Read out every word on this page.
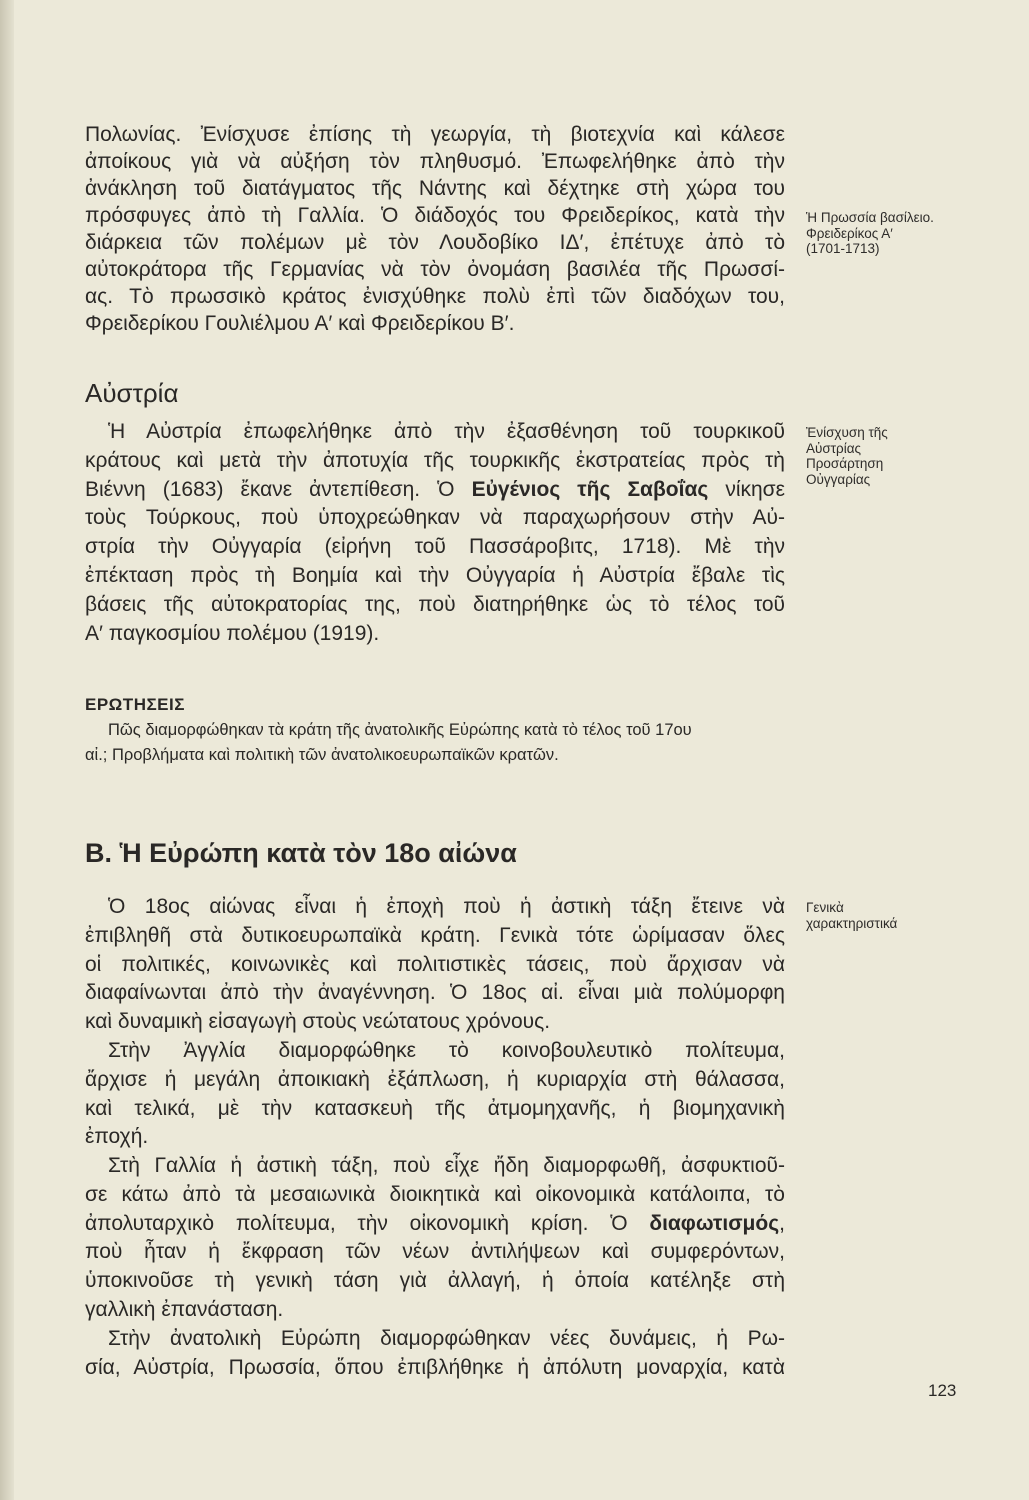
Πολωνίας. Ἐνίσχυσε ἐπίσης τὴ γεωργία, τὴ βιοτεχνία καὶ κάλεσε
ἀποίκους γιὰ νὰ αὐξήση τὸν πληθυσμό. Ἐπωφελήθηκε ἀπὸ τὴν
ἀνάκληση τοῦ διατάγματος τῆς Νάντης καὶ δέχτηκε στὴ χώρα του
πρόσφυγες ἀπὸ τὴ Γαλλία. Ὁ διάδοχός του Φρειδερίκος, κατὰ τὴν
διάρκεια τῶν πολέμων μὲ τὸν Λουδοβίκο ΙΔ′, ἐπέτυχε ἀπὸ τὸ
αὐτοκράτορα τῆς Γερμανίας νὰ τὸν ὀνομάση βασιλέα τῆς Πρωσσί-
ας. Τὸ πρωσσικὸ κράτος ἐνισχύθηκε πολὺ ἐπὶ τῶν διαδόχων του,
Φρειδερίκου Γουλιέλμου Α′ καὶ Φρειδερίκου Β′.
Αὐστρία
Ἡ Αὐστρία ἐπωφελήθηκε ἀπὸ τὴν ἐξασθένηση τοῦ τουρκικοῦ
κράτους καὶ μετὰ τὴν ἀποτυχία τῆς τουρκικῆς ἐκστρατείας πρὸς τὴ
Βιέννη (1683) ἔκανε ἀντεπίθεση. Ὁ Εὐγένιος τῆς Σαβοΐας νίκησε
τοὺς Τούρκους, ποὺ ὑποχρεώθηκαν νὰ παραχωρήσουν στὴν Αὐ-
στρία τὴν Οὐγγαρία (εἰρήνη τοῦ Πασσάροβιτς, 1718). Μὲ τὴν
ἐπέκταση πρὸς τὴ Βοημία καὶ τὴν Οὐγγαρία ἡ Αὐστρία ἔβαλε τὶς
βάσεις τῆς αὐτοκρατορίας της, ποὺ διατηρήθηκε ὡς τὸ τέλος τοῦ
Α′ παγκοσμίου πολέμου (1919).
ΕΡΩΤΗΣΕΙΣ
Πῶς διαμορφώθηκαν τὰ κράτη τῆς ἀνατολικῆς Εὐρώπης κατὰ τὸ τέλος τοῦ 17ου
αἰ.; Προβλήματα καὶ πολιτικὴ τῶν ἀνατολικοευρωπαϊκῶν κρατῶν.
Β. Ἡ Εὐρώπη κατὰ τὸν 18ο αἰώνα
Ὁ 18ος αἰώνας εἶναι ἡ ἐποχὴ ποὺ ἡ ἀστικὴ τάξη ἔτεινε νὰ
ἐπιβληθῆ στὰ δυτικοευρωπαϊκὰ κράτη. Γενικὰ τότε ὡρίμασαν ὅλες
οἱ πολιτικές, κοινωνικὲς καὶ πολιτιστικὲς τάσεις, ποὺ ἄρχισαν νὰ
διαφαίνωνται ἀπὸ τὴν ἀναγέννηση. Ὁ 18ος αἰ. εἶναι μιὰ πολύμορφη
καὶ δυναμικὴ εἰσαγωγὴ στοὺς νεώτατους χρόνους.
Στὴν Ἀγγλία διαμορφώθηκε τὸ κοινοβουλευτικὸ πολίτευμα,
ἄρχισε ἡ μεγάλη ἀποικιακὴ ἐξάπλωση, ἡ κυριαρχία στὴ θάλασσα,
καὶ τελικά, μὲ τὴν κατασκευὴ τῆς ἀτμομηχανῆς, ἡ βιομηχανικὴ
ἐποχή.
Στὴ Γαλλία ἡ ἀστικὴ τάξη, ποὺ εἶχε ἤδη διαμορφωθῆ, ἀσφυκτιοῦ-
σε κάτω ἀπὸ τὰ μεσαιωνικὰ διοικητικὰ καὶ οἰκονομικὰ κατάλοιπα, τὸ
ἀπολυταρχικὸ πολίτευμα, τὴν οἰκονομικὴ κρίση. Ὁ διαφωτισμός,
ποὺ ἦταν ἡ ἔκφραση τῶν νέων ἀντιλήψεων καὶ συμφερόντων,
ὑποκινοῦσε τὴ γενικὴ τάση γιὰ ἀλλαγή, ἡ ὁποία κατέληξε στὴ
γαλλικὴ ἐπανάσταση.
Στὴν ἀνατολικὴ Εὐρώπη διαμορφώθηκαν νέες δυνάμεις, ἡ Ρω-
σία, Αὐστρία, Πρωσσία, ὅπου ἐπιβλήθηκε ἡ ἀπόλυτη μοναρχία, κατὰ
Ἡ Πρωσσία βασίλειο.
Φρειδερίκος Α′
(1701-1713)
Ἐνίσχυση τῆς
Αὐστρίας
Προσάρτηση
Οὐγγαρίας
Γενικὰ
χαρακτηριστικά
123
